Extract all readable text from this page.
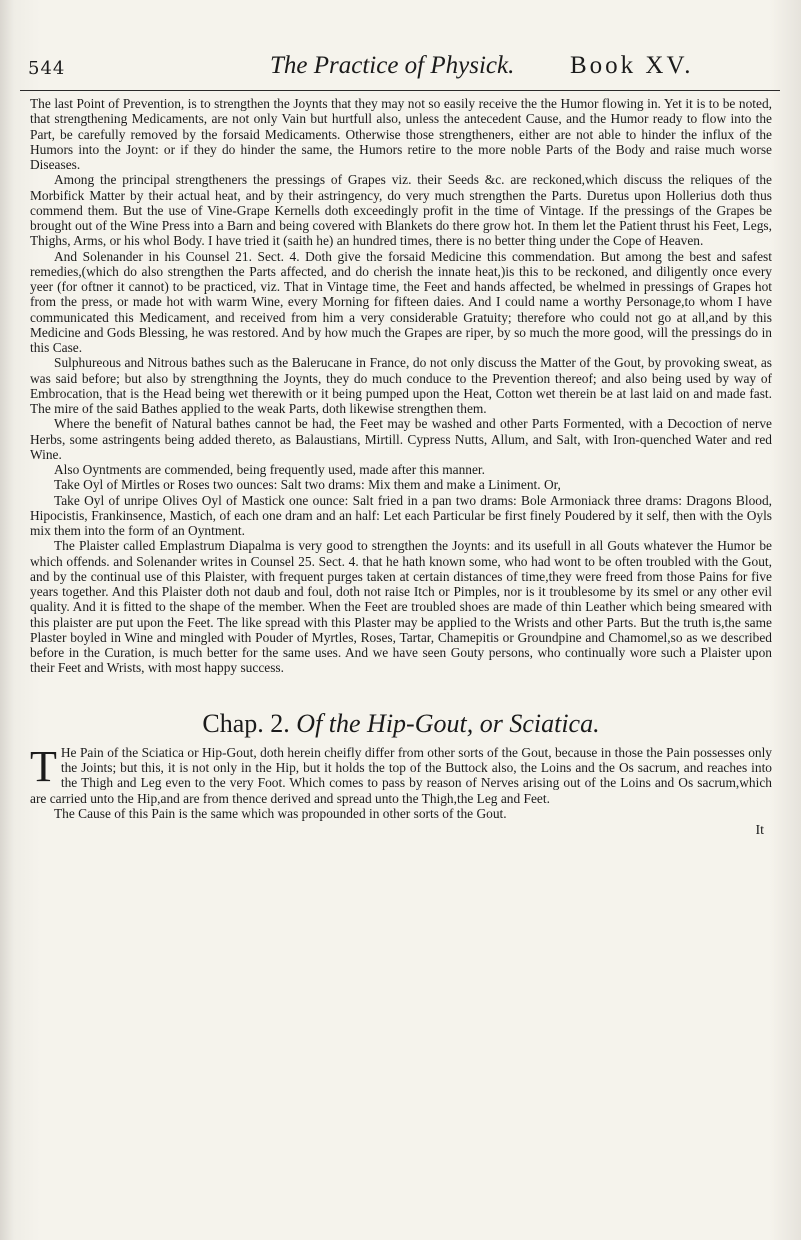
544	The Practice of Physick. Book XV.

The last Point of Prevention, is to strengthen the Joynts that they may not so easily receive the the Humor flowing in. Yet it is to be noted, that strengthening Medicaments, are not only Vain but hurtfull also, unless the antecedent Cause, and the Humor ready to flow into the Part, be carefully removed by the forsaid Medicaments. Otherwise those strengtheners, either are not able to hinder the influx of the Humors into the Joynt: or if they do hinder the same, the Humors retire to the more noble Parts of the Body and raise much worse Diseases.

Among the principal strengtheners the pressings of Grapes viz. their Seeds &c. are reckoned,which discuss the reliques of the Morbifick Matter by their actual heat, and by their astringency, do very much strengthen the Parts. Duretus upon Hollerius doth thus commend them. But the use of Vine-Grape Kernells doth exceedingly profit in the time of Vintage. If the pressings of the Grapes be brought out of the Wine Press into a Barn and being covered with Blankets do there grow hot. In them let the Patient thrust his Feet, Legs, Thighs, Arms, or his whol Body. I have tried it (saith he) an hundred times, there is no better thing under the Cope of Heaven.

And Solenander in his Counsel 21. Sect. 4. Doth give the forsaid Medicine this commendation. But among the best and safest remedies,(which do also strengthen the Parts affected, and do cherish the innate heat,)is this to be reckoned, and diligently once every yeer (for oftner it cannot) to be practiced, viz. That in Vintage time, the Feet and hands affected, be whelmed in pressings of Grapes hot from the press, or made hot with warm Wine, every Morning for fifteen daies. And I could name a worthy Personage,to whom I have communicated this Medicament, and received from him a very considerable Gratuity; therefore who could not go at all,and by this Medicine and Gods Blessing, he was restored. And by how much the Grapes are riper, by so much the more good, will the pressings do in this Case.

Sulphureous and Nitrous bathes such as the Balerucane in France, do not only discuss the Matter of the Gout, by provoking sweat, as was said before; but also by strengthning the Joynts, they do much conduce to the Prevention thereof; and also being used by way of Embrocation, that is the Head being wet therewith or it being pumped upon the Heat, Cotton wet therein be at last laid on and made fast. The mire of the said Bathes applied to the weak Parts, doth likewise strengthen them.

Where the benefit of Natural bathes cannot be had, the Feet may be washed and other Parts Formented, with a Decoction of nerve Herbs, some astringents being added thereto, as Balaustians, Mirtill. Cypress Nutts, Allum, and Salt, with Iron-quenched Water and red Wine.

Also Oyntments are commended, being frequently used, made after this manner.

Take Oyl of Mirtles or Roses two ounces: Salt two drams: Mix them and make a Liniment. Or,

Take Oyl of unripe Olives Oyl of Mastick one ounce: Salt fried in a pan two drams: Bole Armoniack three drams: Dragons Blood, Hipocistis, Frankinsence, Mastich, of each one dram and an half: Let each Particular be first finely Poudered by it self, then with the Oyls mix them into the form of an Oyntment.

The Plaister called Emplastrum Diapalma is very good to strengthen the Joynts: and its usefull in all Gouts whatever the Humor be which offends. and Solenander writes in Counsel 25. Sect. 4. that he hath known some, who had wont to be often troubled with the Gout, and by the continual use of this Plaister, with frequent purges taken at certain distances of time,they were freed from those Pains for five years together. And this Plaister doth not daub and foul, doth not raise Itch or Pimples, nor is it troublesome by its smel or any other evil quality. And it is fitted to the shape of the member. When the Feet are troubled shoes are made of thin Leather which being smeared with this plaister are put upon the Feet. The like spread with this Plaster may be applied to the Wrists and other Parts. But the truth is,the same Plaster boyled in Wine and mingled with Pouder of Myrtles, Roses, Tartar, Chamepitis or Groundpine and Chamomel,so as we described before in the Curation, is much better for the same uses. And we have seen Gouty persons, who continually wore such a Plaister upon their Feet and Wrists, with most happy success.

Chap. 2. Of the Hip-Gout, or Sciatica.

T He Pain of the Sciatica or Hip-Gout, doth herein cheifly differ from other sorts of the Gout, because in those the Pain possesses only the Joints; but this, it is not only in the Hip, but it holds the top of the Buttock also, the Loins and the Os sacrum, and reaches into the Thigh and Leg even to the very Foot. Which comes to pass by reason of Nerves arising out of the Loins and Os sacrum,which are carried unto the Hip,and are from thence derived and spread unto the Thigh,the Leg and Feet.

The Cause of this Pain is the same which was propounded in other sorts of the Gout.

It
